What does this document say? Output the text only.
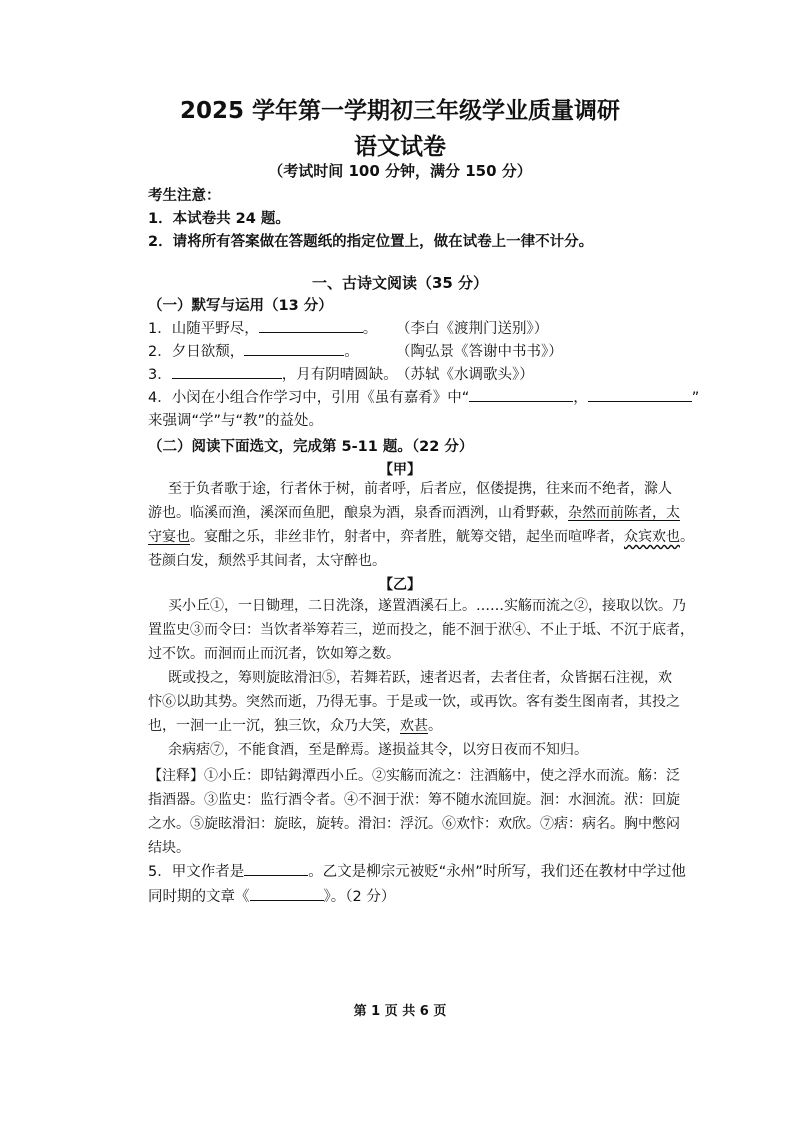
2025 学年第一学期初三年级学业质量调研
语文试卷
（考试时间 100 分钟，满分 150 分）
考生注意：
1．本试卷共 24 题。
2．请将所有答案做在答题纸的指定位置上，做在试卷上一律不计分。
一、古诗文阅读（35 分）
（一）默写与运用（13 分）
1．山随平野尽，	。 （李白《渡荆门送别》）
2．夕日欲颓，	。	（陶弘景《答谢中书书》）
3．	，月有阴晴圆缺。
（苏轼《水调歌头》）
4．小闵在小组合作学习中，引用《虽有嘉肴》中“	，	”
来强调“学”与“教”的益处。
（二）阅读下面选文，完成第 5-11 题。（22 分）
【甲】
至于负者歌于途，行者休于树，前者呼，后者应，伛偻提携，往来而不绝者，滁人
游也。临溪而渔，溪深而鱼肥，酿泉为酒，泉香而酒洌，山肴野蔌，杂然而前陈者，太
守宴也。宴酣之乐，非丝非竹，射者中，弈者胜，觥筹交错，起坐而喧哗者，众宾欢也。
苍颜白发，颓然乎其间者，太守醉也。
【乙】
买小丘①，一日锄理，二日洗涤，遂置酒溪石上。……实觞而流之②，接取以饮。乃
置监史③而令曰：当饮者举筹若三，逆而投之，能不洄于洑④、不止于坻、不沉于底者，
过不饮。而洄而止而沉者，饮如筹之数。
既或投之，筹则旋眩滑汩⑤，若舞若跃，速者迟者，去者住者，众皆据石注视，欢
忭⑥以助其势。突然而逝，乃得无事。于是或一饮，或再饮。客有娄生图南者，其投之
也，一洄一止一沉，独三饮，众乃大笑，欢甚。
余病痞⑦，不能食酒，至是醉焉。遂损益其令，以穷日夜而不知归。
【注释】①小丘：即钴鉧潭西小丘。②实觞而流之：注酒觞中，使之浮水而流。觞：泛
指酒器。③监史：监行酒令者。④不洄于洑：筹不随水流回旋。洄：水洄流。洑：回旋
之水。⑤旋眩滑汩：旋眩，旋转。滑汩：浮沉。⑥欢忭：欢欣。⑦痞：病名。胸中憋闷
结块。
5．甲文作者是	。乙文是柳宗元被贬“永州”时所写，我们还在教材中学过他
同时期的文章《	》。（2 分）
第 1 页 共 6 页
